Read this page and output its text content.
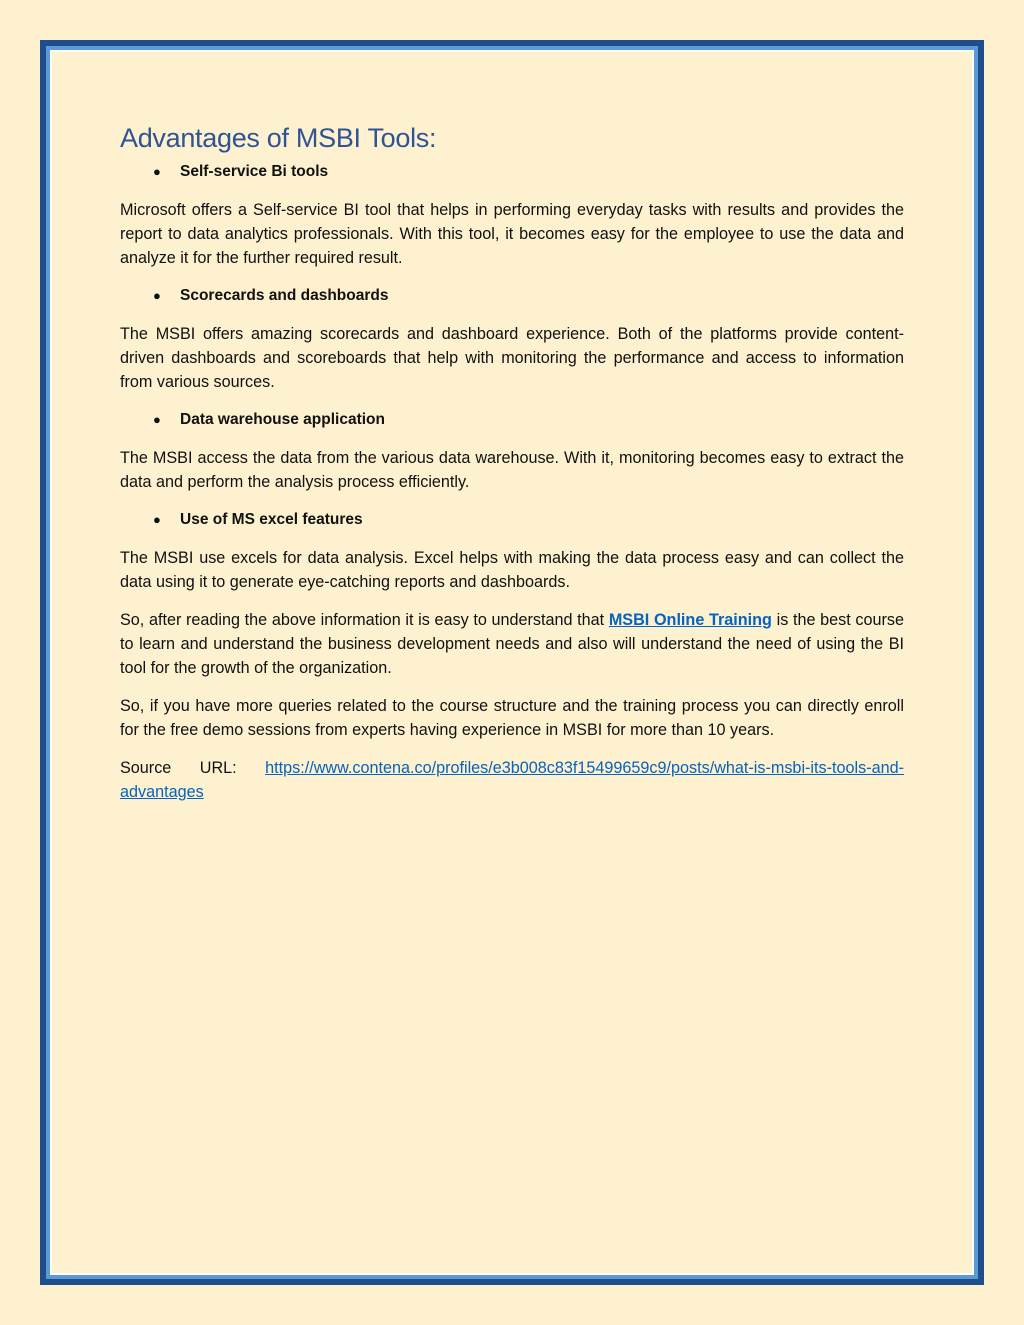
Advantages of MSBI Tools:
●	Self-service Bi tools

Microsoft offers a Self-service BI tool that helps in performing everyday tasks with results and provides the report to data analytics professionals. With this tool, it becomes easy for the employee to use the data and analyze it for the further required result.

●	Scorecards and dashboards

The MSBI offers amazing scorecards and dashboard experience. Both of the platforms provide content-driven dashboards and scoreboards that help with monitoring the performance and access to information from various sources.

●	Data warehouse application

The MSBI access the data from the various data warehouse. With it, monitoring becomes easy to extract the data and perform the analysis process efficiently.

●	Use of MS excel features

The MSBI use excels for data analysis. Excel helps with making the data process easy and can collect the data using it to generate eye-catching reports and dashboards.

So, after reading the above information it is easy to understand that MSBI Online Training is the best course to learn and understand the business development needs and also will understand the need of using the BI tool for the growth of the organization.

So, if you have more queries related to the course structure and the training process you can directly enroll for the free demo sessions from experts having experience in MSBI for more than 10 years.

Source URL: https://www.contena.co/profiles/e3b008c83f15499659c9/posts/what-is-msbi-its-tools-and-advantages
